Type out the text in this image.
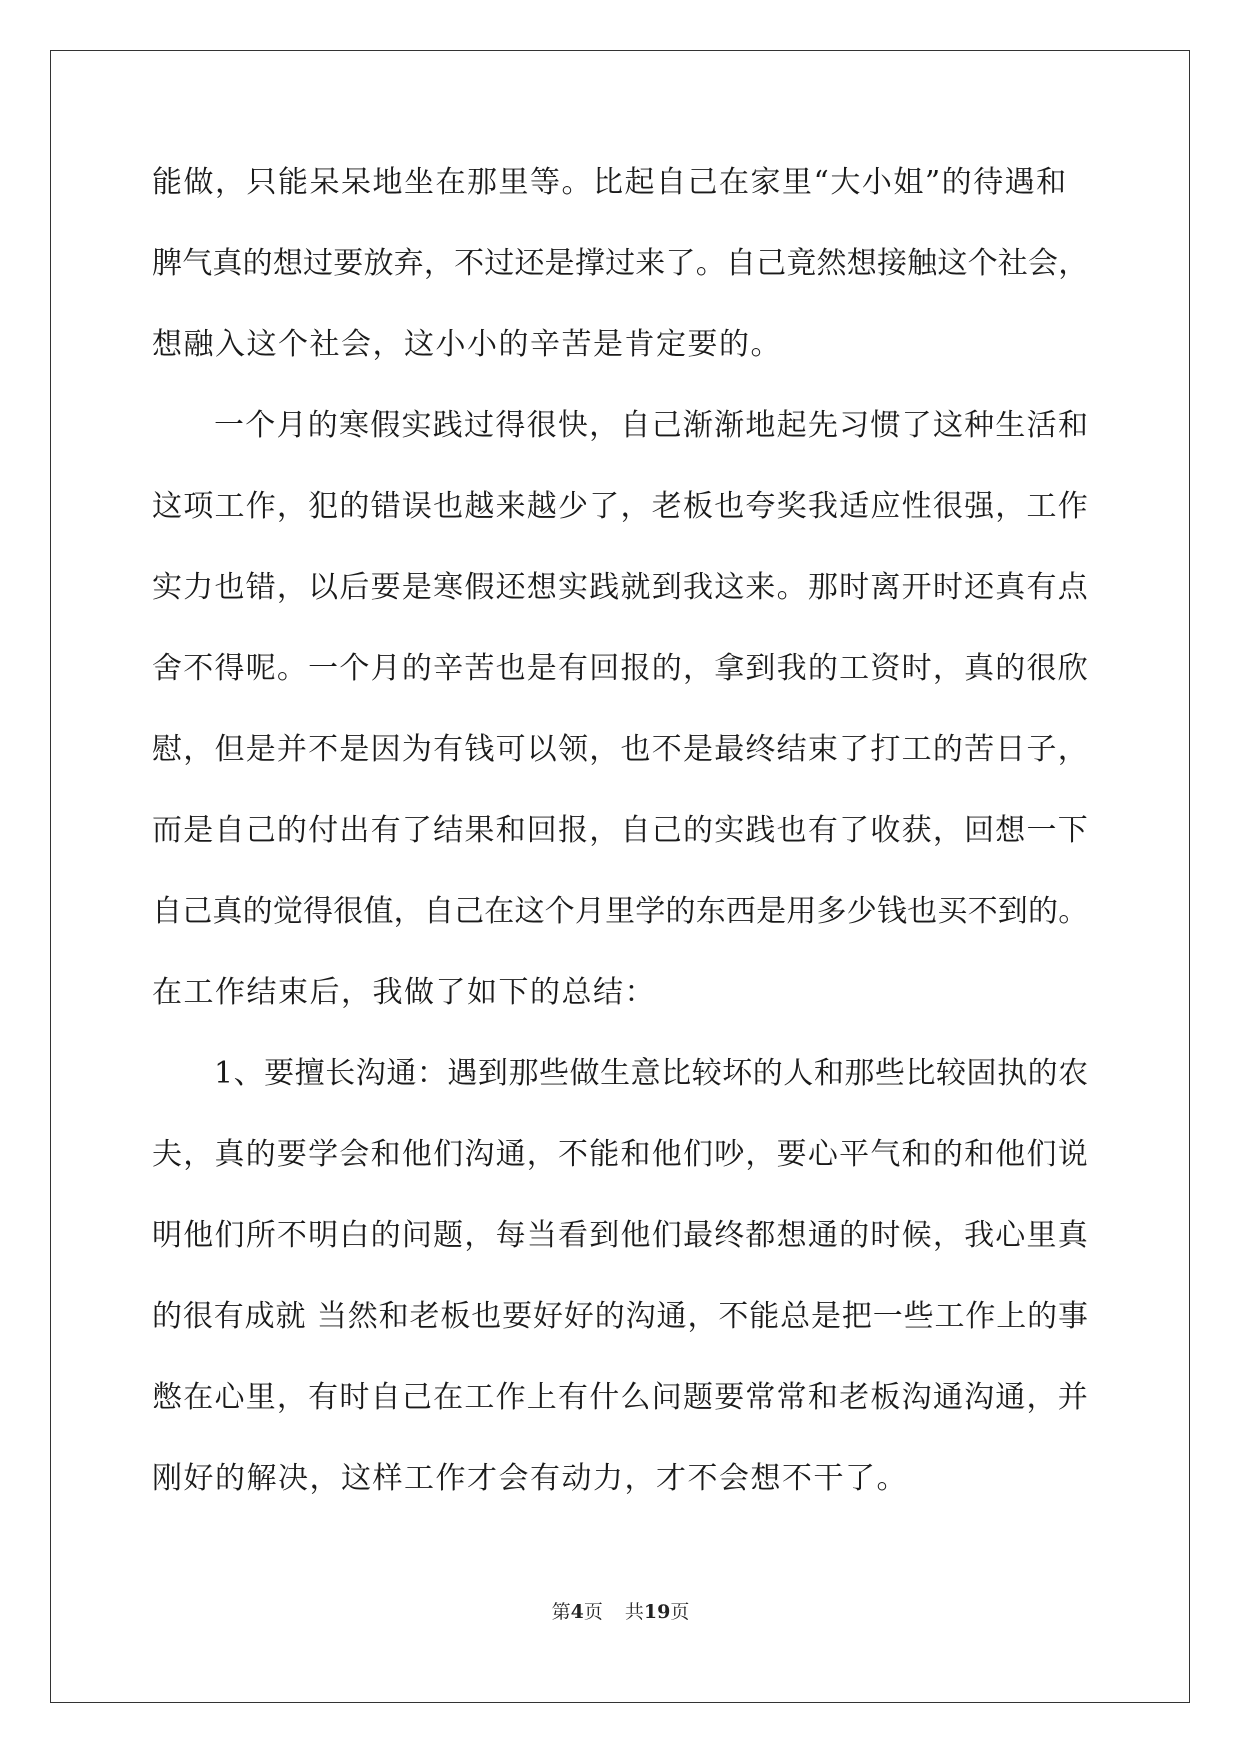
能做，只能呆呆地坐在那里等。比起自己在家里“大小姐”的待遇和
脾气真的想过要放弃，不过还是撑过来了。自己竟然想接触这个社会，
想融入这个社会，这小小的辛苦是肯定要的。
一个月的寒假实践过得很快，自己渐渐地起先习惯了这种生活和
这项工作，犯的错误也越来越少了，老板也夸奖我适应性很强，工作
实力也错，以后要是寒假还想实践就到我这来。那时离开时还真有点
舍不得呢。一个月的辛苦也是有回报的，拿到我的工资时，真的很欣
慰，但是并不是因为有钱可以领，也不是最终结束了打工的苦日子，
而是自己的付出有了结果和回报，自己的实践也有了收获，回想一下
自己真的觉得很值，自己在这个月里学的东西是用多少钱也买不到的。
在工作结束后，我做了如下的总结：
1、要擅长沟通：遇到那些做生意比较坏的人和那些比较固执的农
夫，真的要学会和他们沟通，不能和他们吵，要心平气和的和他们说
明他们所不明白的问题，每当看到他们最终都想通的时候，我心里真
的很有成就 当然和老板也要好好的沟通，不能总是把一些工作上的事
憋在心里，有时自己在工作上有什么问题要常常和老板沟通沟通，并
刚好的解决，这样工作才会有动力，才不会想不干了。
第4页 共19页
